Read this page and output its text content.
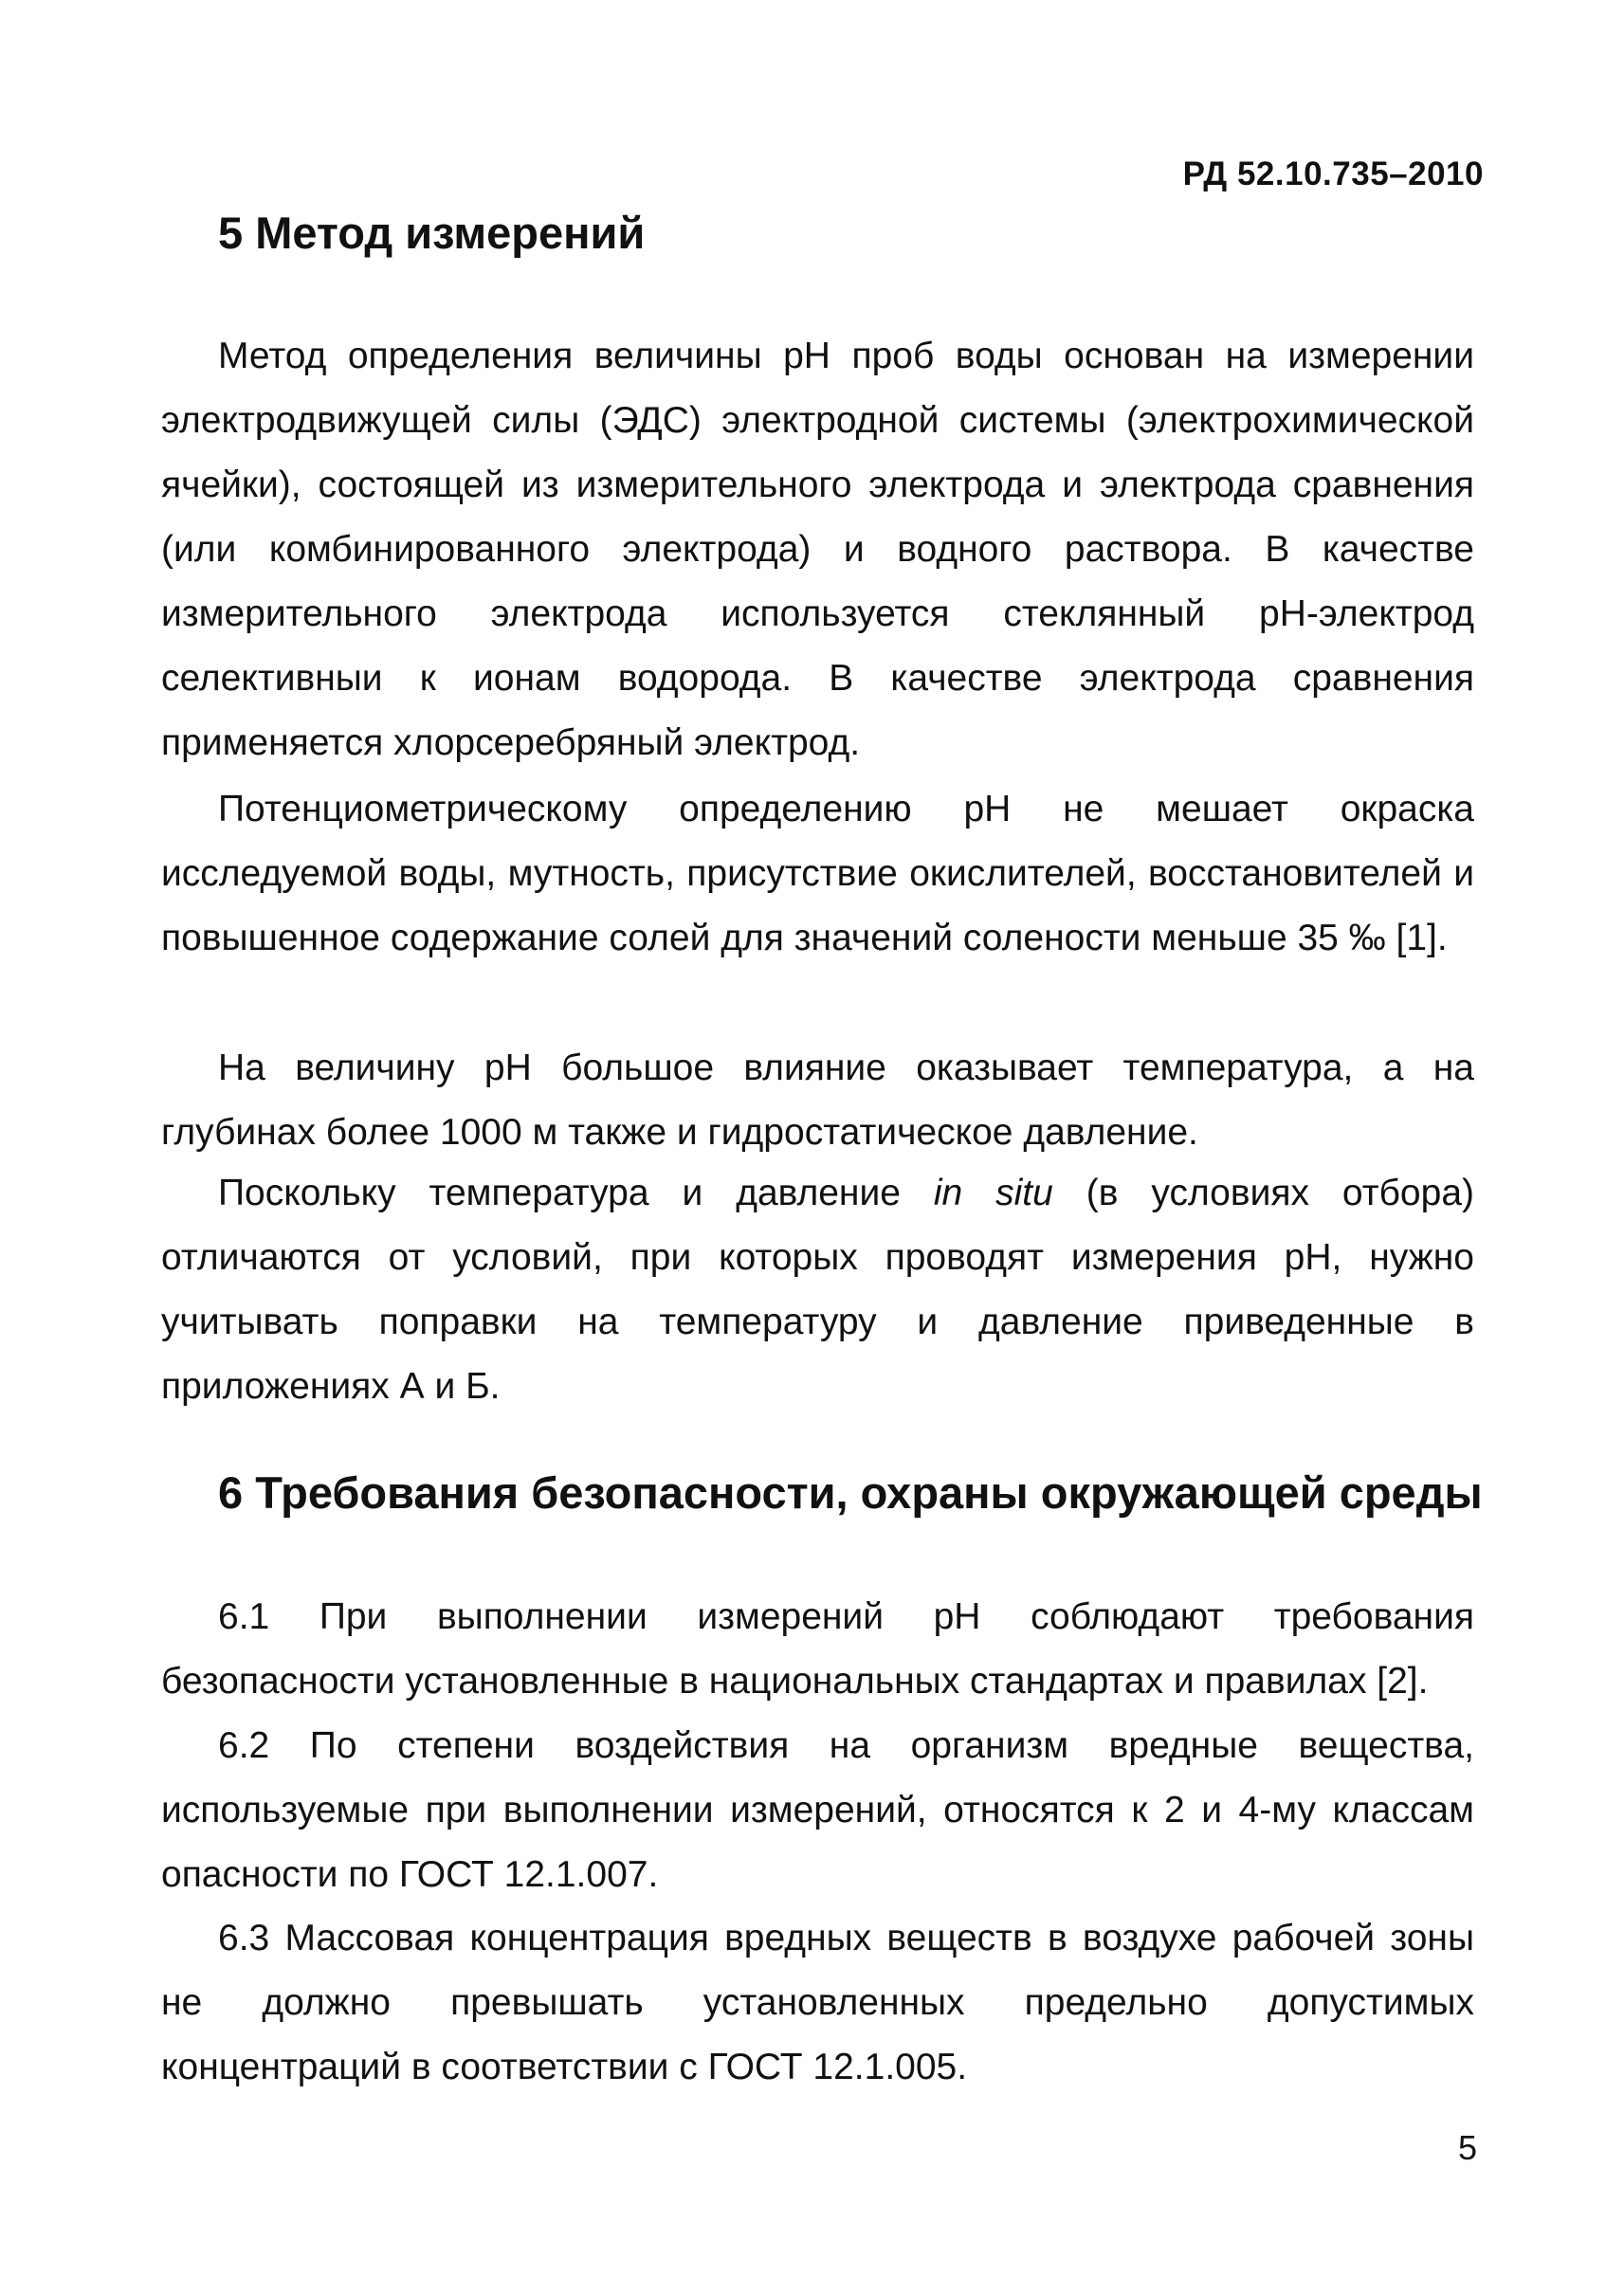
РД 52.10.735–2010
5 Метод измерений

Метод определения величины рН проб воды основан на измерении электродвижущей силы (ЭДС) электродной системы (электрохимической ячейки), состоящей из измерительного электрода и электрода сравнения (или комбинированного электрода) и водного раствора. В качестве измерительного электрода используется стеклянный рН-электрод селективныи к ионам водорода. В качестве электрода сравнения применяется хлорсеребряный электрод.

Потенциометрическому определению рН не мешает окраска исследуемой воды, мутность, присутствие окислителей, восстановителей и повышенное содержание солей для значений солености меньше 35 ‰ [1].

На величину рН большое влияние оказывает температура, а на глубинах более 1000 м также и гидростатическое давление.

Поскольку температура и давление in situ (в условиях отбора) отличаются от условий, при которых проводят измерения рН, нужно учитывать поправки на температуру и давление приведенные в приложениях А и Б.

6 Требования безопасности, охраны окружающей среды

6.1 При выполнении измерений рН соблюдают требования безопасности установленные в национальных стандартах и правилах [2].

6.2 По степени воздействия на организм вредные вещества, используемые при выполнении измерений, относятся к 2 и 4-му классам опасности по ГОСТ 12.1.007.

6.3 Массовая концентрация вредных веществ в воздухе рабочей зоны не должно превышать установленных предельно допустимых концентраций в соответствии с ГОСТ 12.1.005.

5
